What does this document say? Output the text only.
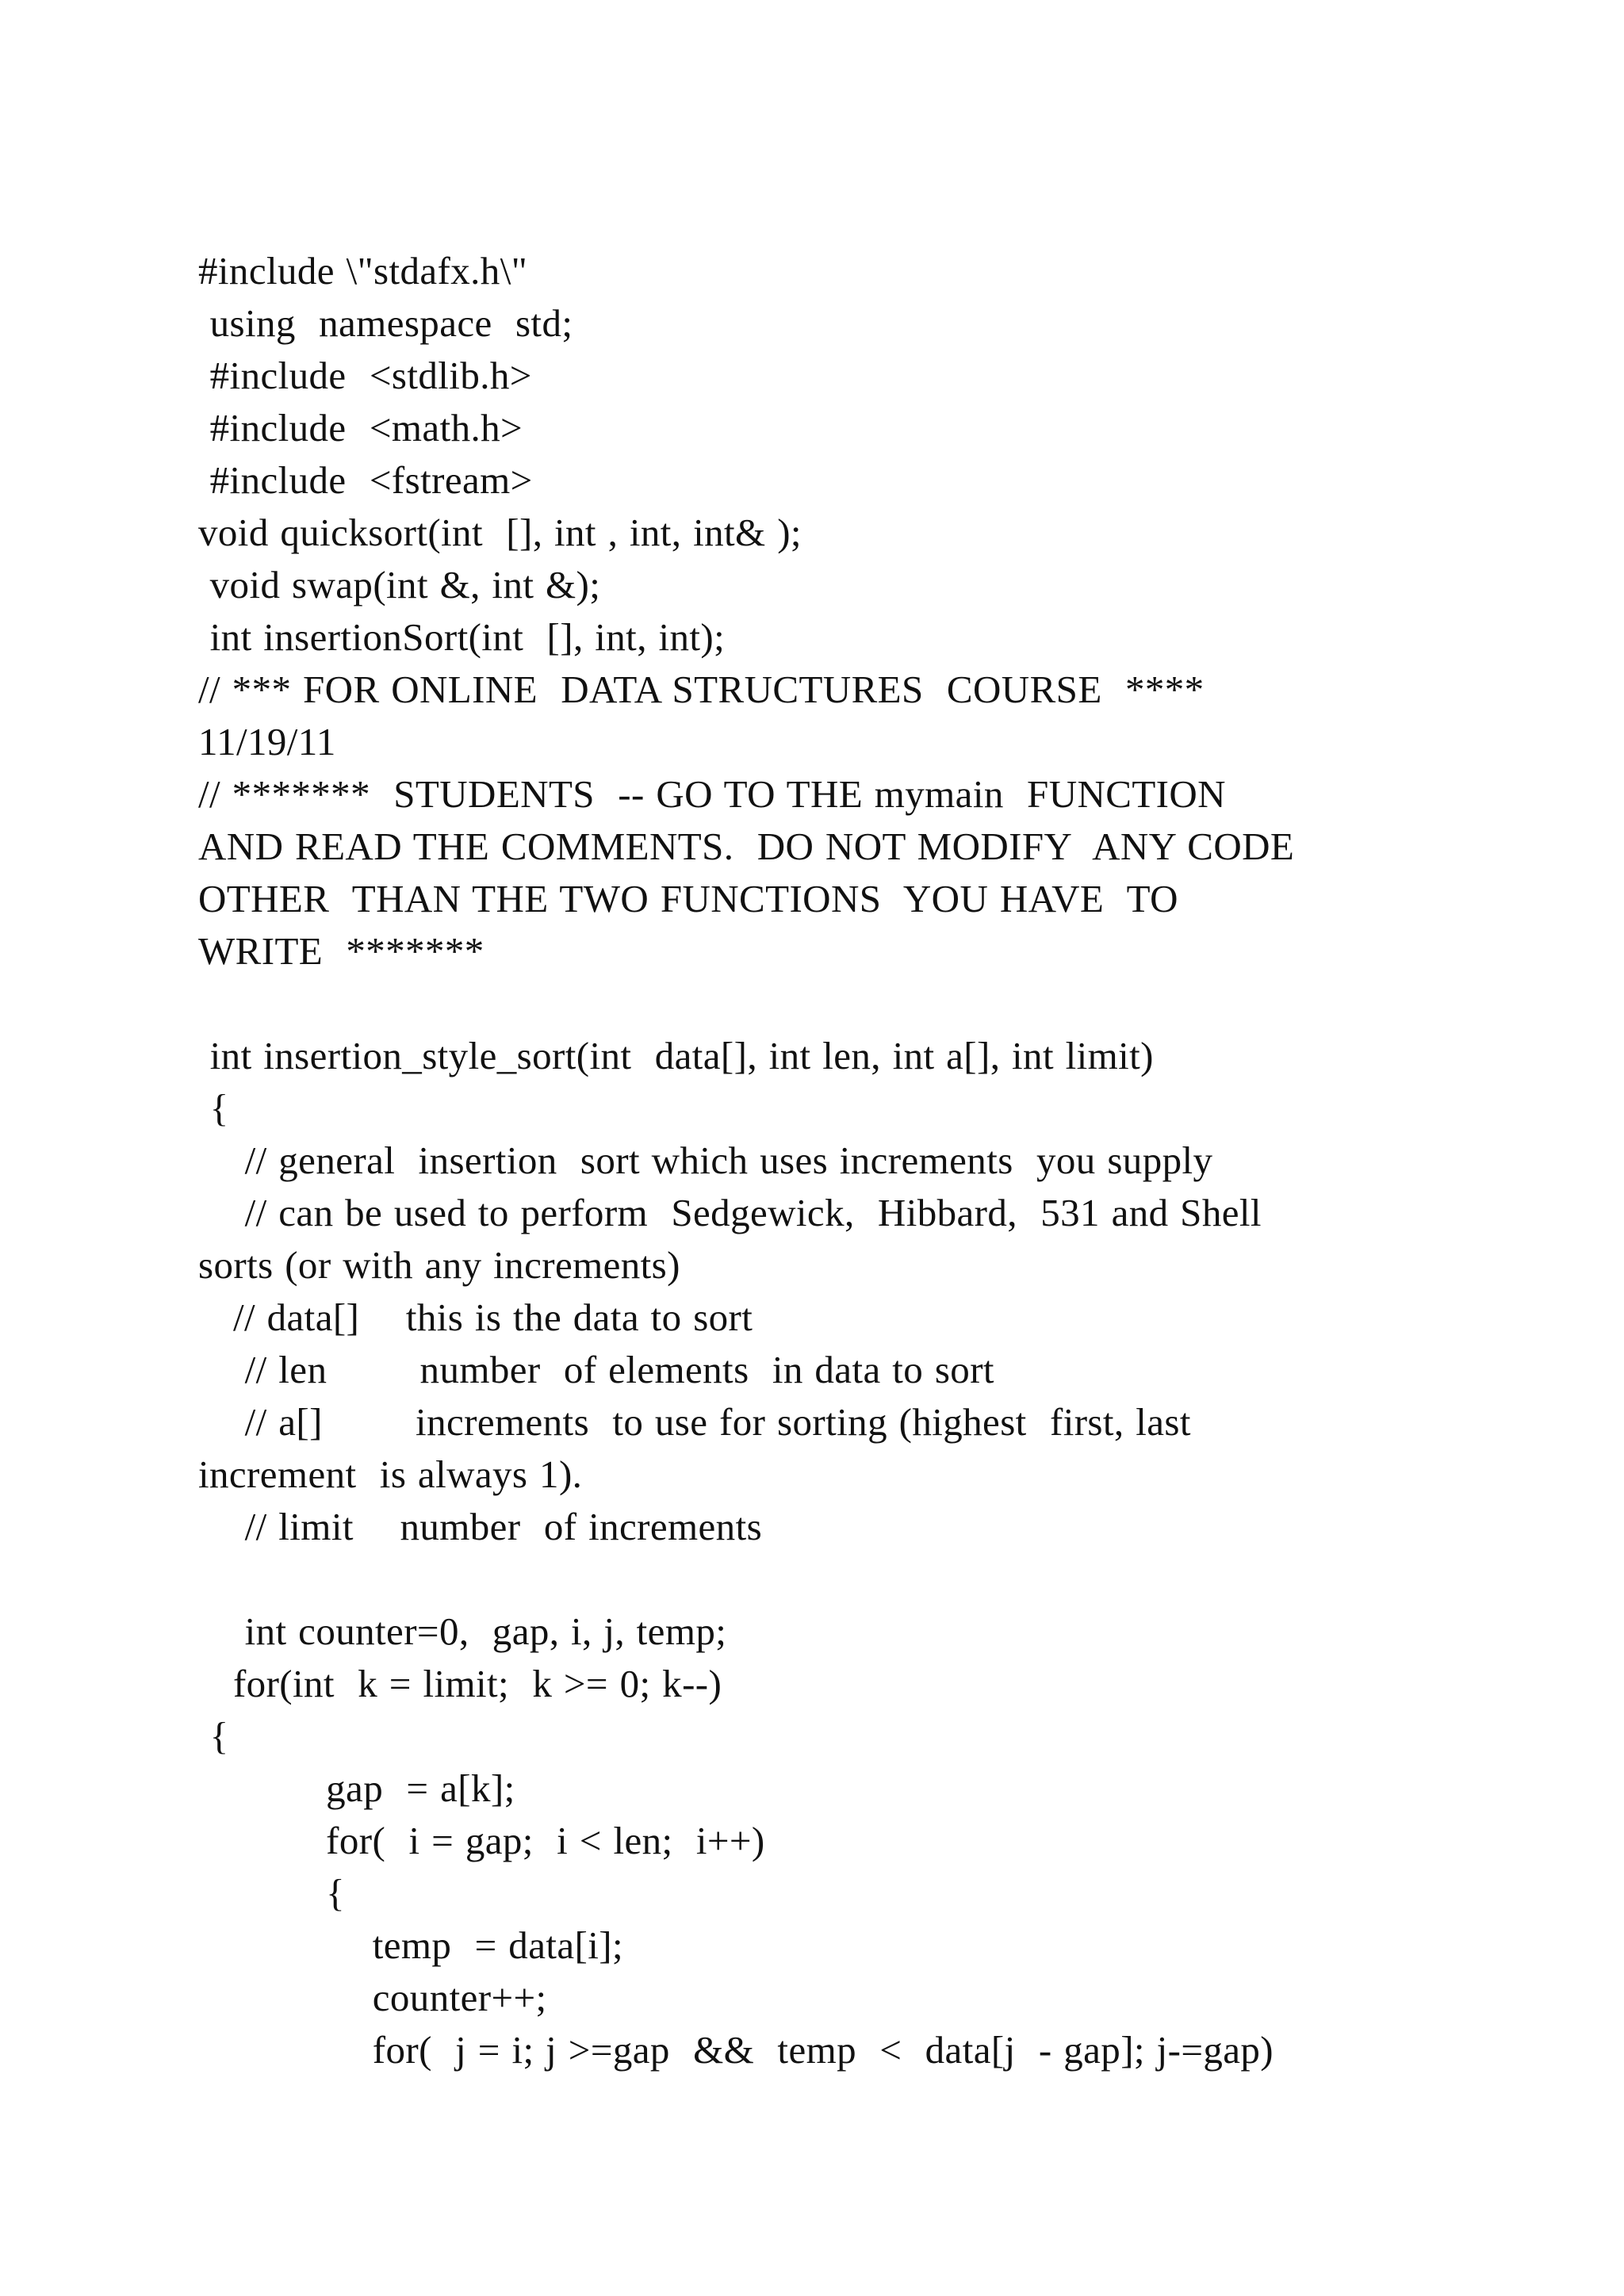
#include \"stdafx.h\"
using  namespace  std;
#include  <stdlib.h>
#include  <math.h>
#include  <fstream>
void quicksort(int  [], int , int, int& );
void swap(int &, int &);
int insertionSort(int  [], int, int);
// *** FOR ONLINE  DATA STRUCTURES  COURSE  ****
11/19/11
// *******  STUDENTS  -- GO TO THE mymain  FUNCTION
AND READ THE COMMENTS.  DO NOT MODIFY  ANY CODE
OTHER  THAN THE TWO FUNCTIONS  YOU HAVE  TO
WRITE  *******
int insertion_style_sort(int  data[], int len, int a[], int limit)
{
// general  insertion  sort which uses increments  you supply
// can be used to perform  Sedgewick,  Hibbard,  531 and Shell
sorts (or with any increments)
// data[]    this is the data to sort
// len        number  of elements  in data to sort
// a[]        increments  to use for sorting (highest  first, last
increment  is always 1).
// limit    number  of increments
int counter=0,  gap, i, j, temp;
for(int  k = limit;  k >= 0; k--)
{
gap  = a[k];
for(  i = gap;  i < len;  i++)
{
temp  = data[i];
counter++;
for(  j = i; j >=gap  &&  temp  <  data[j  - gap]; j-=gap)
